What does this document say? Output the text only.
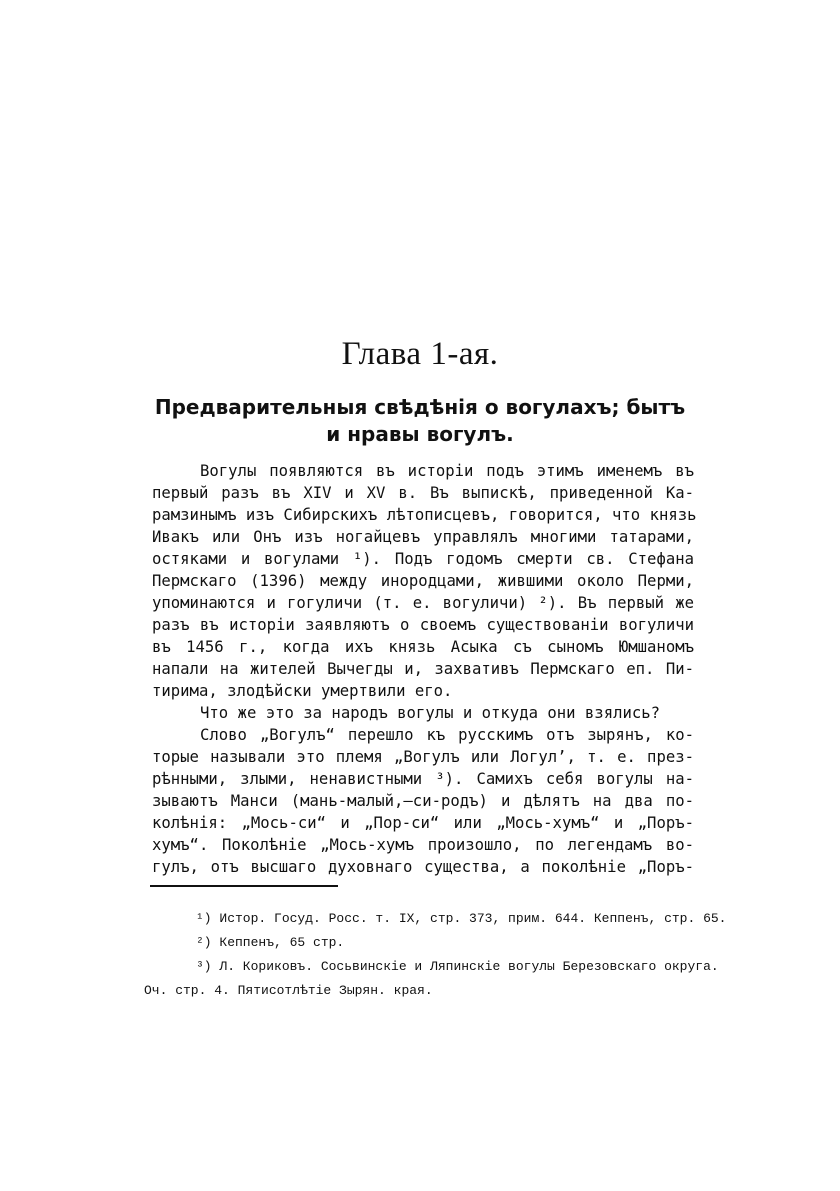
Глава 1-ая.
Предварительныя свѣдѣнія о вогулахъ; бытъ
и нравы вогулъ.
Вогулы появляются въ исторіи подъ этимъ именемъ въ
первый разъ въ XIV и XV в. Въ выпискѣ, приведенной Ка-
рамзинымъ изъ Сибирскихъ лѣтописцевъ, говорится, что князь
Ивакъ или Онъ изъ ногайцевъ управлялъ многими татарами,
остяками и вогулами ¹). Подъ годомъ смерти св. Стефана
Пермскаго (1396) между инородцами, жившими около Перми,
упоминаются и гогуличи (т. е. вогуличи) ²). Въ первый же
разъ въ исторіи заявляютъ о своемъ существованіи вогуличи
въ 1456 г., когда ихъ князь Асыка съ сыномъ Юмшаномъ
напали на жителей Вычегды и, захвативъ Пермскаго еп. Пи-
тирима, злодѣйски умертвили его.
Что же это за народъ вогулы и откуда они взялись?
Слово „Вогулъ“ перешло къ русскимъ отъ зырянъ, ко-
торые называли это племя „Вогулъ или Логул’, т. е. през-
рѣнными, злыми, ненавистными ³). Самихъ себя вогулы на-
зываютъ Манси (мань-малый,—си-родъ) и дѣлятъ на два по-
колѣнія: „Мось-си“ и „Пор-си“ или „Мось-хумъ“ и „Поръ-
хумъ“. Поколѣніе „Мось-хумъ произошло, по легендамъ во-
гулъ, отъ высшаго духовнаго существа, а поколѣніе „Поръ-
¹) Истор. Госуд. Росс. т. IX, стр. 373, прим. 644. Кеппенъ, стр. 65.
²) Кеппенъ, 65 стр.
³) Л. Кориковъ. Сосьвинскіе и Ляпинскіе вогулы Березовскаго округа.
Оч. стр. 4. Пятисотлѣтіе Зырян. края.
